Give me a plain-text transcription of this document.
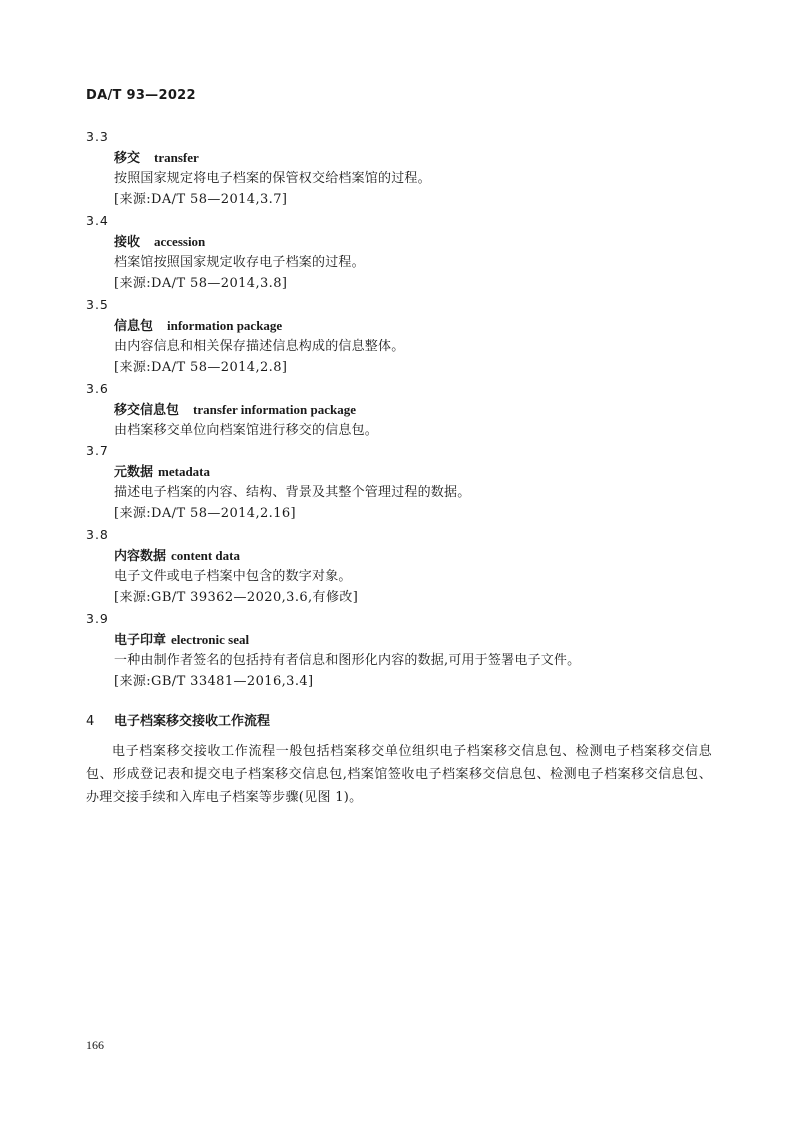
DA/T 93—2022
3.3
移交 transfer
按照国家规定将电子档案的保管权交给档案馆的过程。
[来源:DA/T 58—2014,3.7]
3.4
接收 accession
档案馆按照国家规定收存电子档案的过程。
[来源:DA/T 58—2014,3.8]
3.5
信息包 information package
由内容信息和相关保存描述信息构成的信息整体。
[来源:DA/T 58—2014,2.8]
3.6
移交信息包 transfer information package
由档案移交单位向档案馆进行移交的信息包。
3.7
元数据 metadata
描述电子档案的内容、结构、背景及其整个管理过程的数据。
[来源:DA/T 58—2014,2.16]
3.8
内容数据 content data
电子文件或电子档案中包含的数字对象。
[来源:GB/T 39362—2020,3.6,有修改]
3.9
电子印章 electronic seal
一种由制作者签名的包括持有者信息和图形化内容的数据,可用于签署电子文件。
[来源:GB/T 33481—2016,3.4]
4 电子档案移交接收工作流程
电子档案移交接收工作流程一般包括档案移交单位组织电子档案移交信息包、检测电子档案移交信息包、形成登记表和提交电子档案移交信息包,档案馆签收电子档案移交信息包、检测电子档案移交信息包、办理交接手续和入库电子档案等步骤(见图 1)。
166
